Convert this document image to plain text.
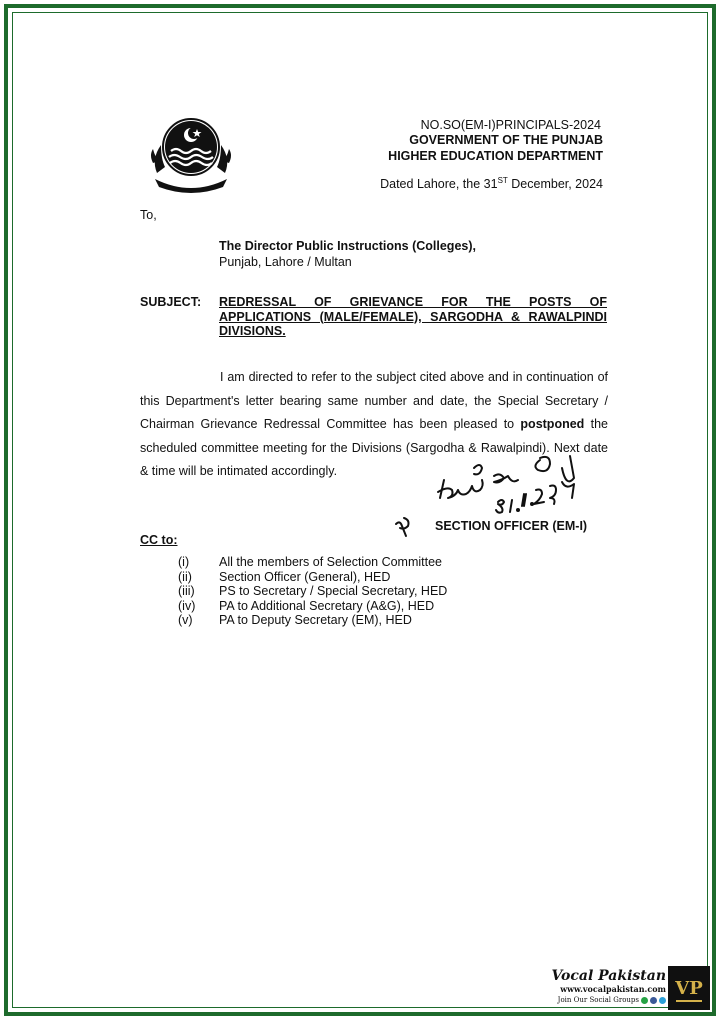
NO.SO(EM-I)PRINCIPALS-2024
GOVERNMENT OF THE PUNJAB
HIGHER EDUCATION DEPARTMENT
Dated Lahore, the 31ST December, 2024
To,
The Director Public Instructions (Colleges),
Punjab, Lahore / Multan
SUBJECT: REDRESSAL OF GRIEVANCE FOR THE POSTS OF APPLICATIONS (MALE/FEMALE), SARGODHA & RAWALPINDI DIVISIONS.
I am directed to refer to the subject cited above and in continuation of this Department's letter bearing same number and date, the Special Secretary / Chairman Grievance Redressal Committee has been pleased to postponed the scheduled committee meeting for the Divisions (Sargodha & Rawalpindi). Next date & time will be intimated accordingly.
SECTION OFFICER (EM-I)
CC to:
(i)	All the members of Selection Committee
(ii)	Section Officer (General), HED
(iii)	PS to Secretary / Special Secretary, HED
(iv)	PA to Additional Secretary (A&G), HED
(v)	PA to Deputy Secretary (EM), HED
Vocal Pakistan
www.vocalpakistan.com
Join Our Social Groups
VP
